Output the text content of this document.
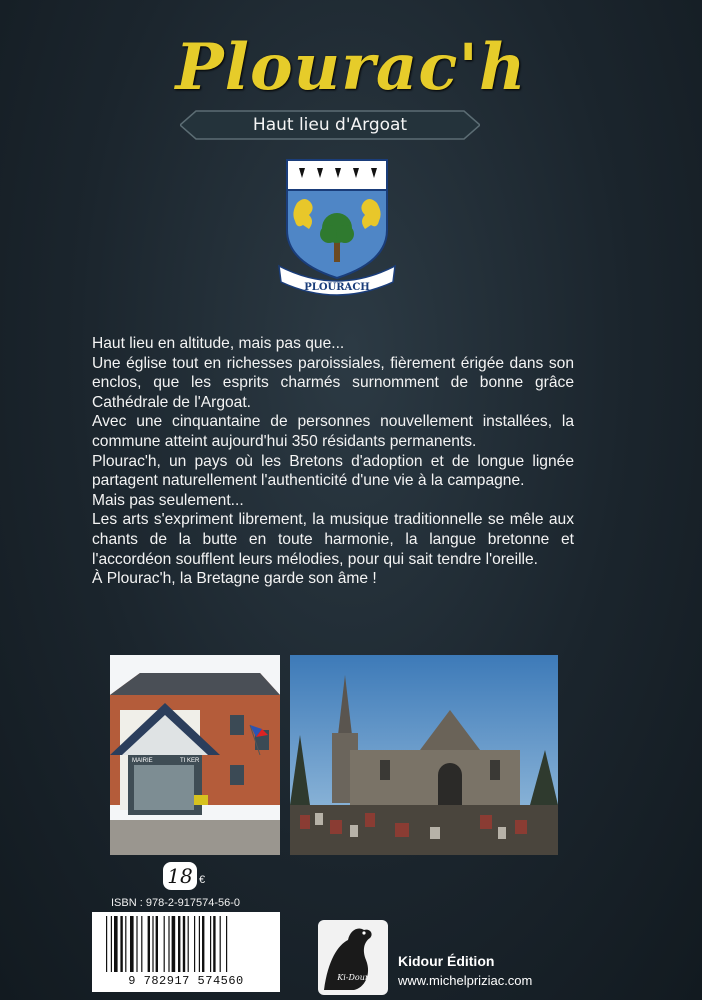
Plourac'h
Haut lieu d'Argoat
PLOURACH

Haut lieu en altitude, mais pas que...

Une église tout en richesses paroissiales, fièrement érigée dans son enclos, que les esprits charmés surnomment de bonne grâce Cathédrale de l'Argoat.

Avec une cinquantaine de personnes nouvellement installées, la commune atteint aujourd'hui 350 résidants permanents.

Plourac'h, un pays où les Bretons d'adoption et de longue lignée partagent naturellement l'authenticité d'une vie à la campagne.

Mais pas seulement...

Les arts s'expriment librement, la musique traditionnelle se mêle aux chants de la butte en toute harmonie, la langue bretonne et l'accordéon soufflent leurs mélodies, pour qui sait tendre l'oreille.

À Plourac'h, la Bretagne garde son âme !

MAIRIE	TI KER
18 €
ISBN : 978-2-917574-56-0
9 782917 574560	Ki-Dour
Kidour Édition
www.michelpriziac.com
